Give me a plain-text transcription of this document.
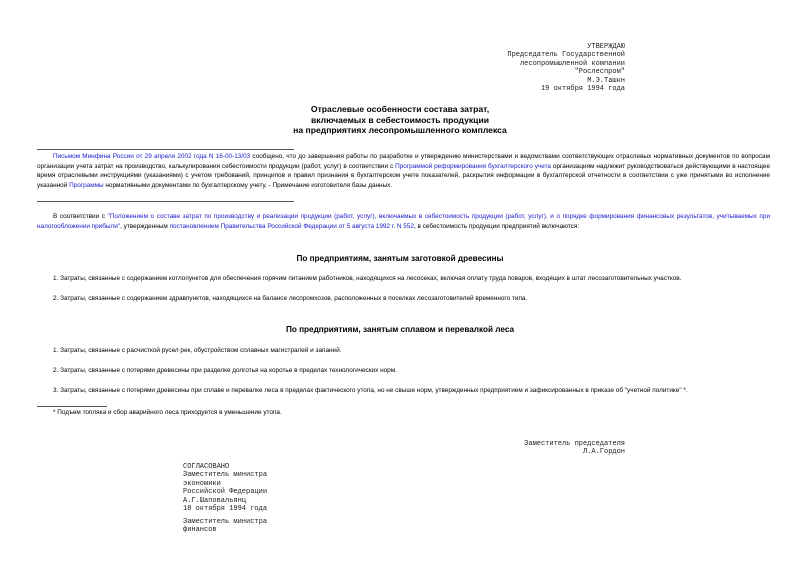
УТВЕРЖДАЮ
Председатель Государственной
лесопромышленной компании
"Рослеспром"
М.Э.Ташкн
19 октября 1994 года
Отраслевые особенности состава затрат,
включаемых в себестоимость продукции
на предприятиях лесопромышленного комплекса
Письмом Минфина России от 29 апреля 2002 года N 16-00-13/03 сообщено, что до завершения работы по разработке и утверждению министерствами и ведомствами соответствующих отраслевых нормативных документов по вопросам организации учета затрат на производство, калькулирования себестоимости продукции (работ, услуг) в соответствии с Программой реформирования бухгалтерского учета организациям надлежит руководствоваться действующими в настоящее время отраслевыми инструкциями (указаниями) с учетом требований, принципов и правил признания в бухгалтерском учете показателей, раскрытия информации в бухгалтерской отчетности в соответствии с уже принятыми во исполнение указанной Программы нормативными документами по бухгалтерскому учету. - Примечание изготовителя базы данных.
В соответствии с "Положением о составе затрат по производству и реализации продукции (работ, услуг), включаемых в себестоимость продукции (работ, услуг), и о порядке формирования финансовых результатов, учитываемых при налогообложении прибыли", утвержденным постановлением Правительства Российской Федерации от 5 августа 1992 г. N 552, в себестоимость продукции предприятий включаются:
По предприятиям, занятым заготовкой древесины
1. Затраты, связанные с содержанием котлопунктов для обеспечения горячим питанием работников, находящихся на лесосеках, включая оплату труда поваров, входящих в штат лесозаготовительных участков.
2. Затраты, связанные с содержанием здравпунктов, находящихся на балансе леспромхозов, расположенных в поселках лесозаготовителей временного типа.
По предприятиям, занятым сплавом и перевалкой леса
1. Затраты, связанные с расчисткой русел рек, обустройством сплавных магистралей и запаней.
2. Затраты, связанные с потерями древесины при разделке долготья на коротье в пределах технологических норм.
3. Затраты, связанные с потерями древесины при сплаве и перевалке леса в пределах фактического утопа, но не свыше норм, утвержденных предприятием и зафиксированных в приказе об "учетной политике" *.
* Подъем топляка и сбор аварийного леса приходуется в уменьшение утопа.
Заместитель председателя
Л.А.Гордон
СОГЛАСОВАНО
Заместитель министра
экономики
Российской Федерации
А.Г.Шаповальянц
18 октября 1994 года
Заместитель министра
финансов
